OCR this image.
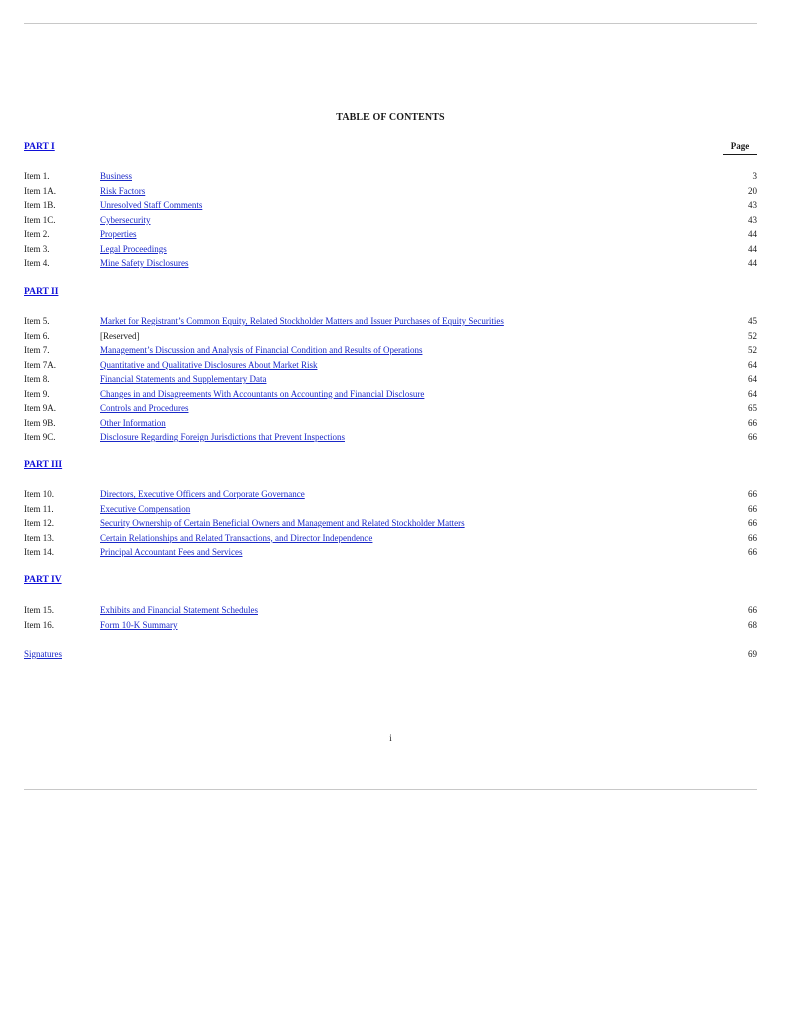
TABLE OF CONTENTS
Page
PART I
Item 1.	Business	3
Item 1A.	Risk Factors	20
Item 1B.	Unresolved Staff Comments	43
Item 1C.	Cybersecurity	43
Item 2.	Properties	44
Item 3.	Legal Proceedings	44
Item 4.	Mine Safety Disclosures	44
PART II
Item 5.	Market for Registrant’s Common Equity, Related Stockholder Matters and Issuer Purchases of Equity Securities	45
Item 6.	[Reserved]	52
Item 7.	Management’s Discussion and Analysis of Financial Condition and Results of Operations	52
Item 7A.	Quantitative and Qualitative Disclosures About Market Risk	64
Item 8.	Financial Statements and Supplementary Data	64
Item 9.	Changes in and Disagreements With Accountants on Accounting and Financial Disclosure	64
Item 9A.	Controls and Procedures	65
Item 9B.	Other Information	66
Item 9C.	Disclosure Regarding Foreign Jurisdictions that Prevent Inspections	66
PART III
Item 10.	Directors, Executive Officers and Corporate Governance	66
Item 11.	Executive Compensation	66
Item 12.	Security Ownership of Certain Beneficial Owners and Management and Related Stockholder Matters	66
Item 13.	Certain Relationships and Related Transactions, and Director Independence	66
Item 14.	Principal Accountant Fees and Services	66
PART IV
Item 15.	Exhibits and Financial Statement Schedules	66
Item 16.	Form 10-K Summary	68
Signatures	69
i
